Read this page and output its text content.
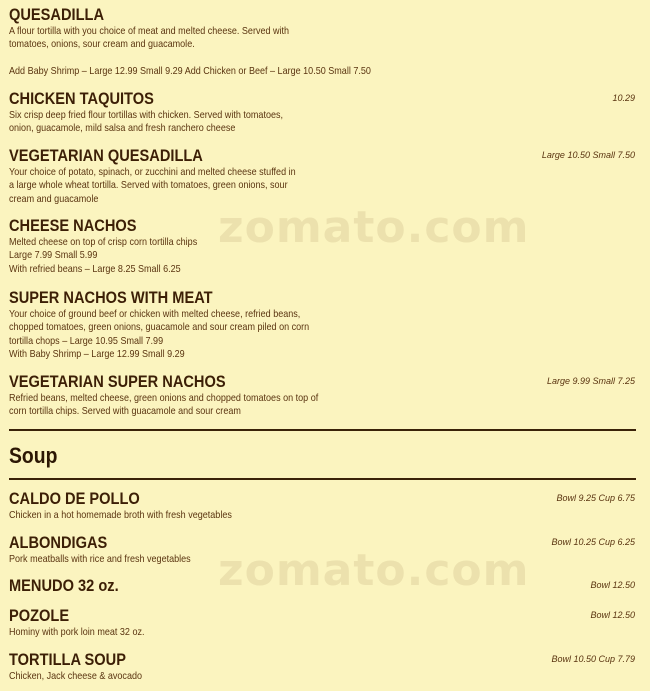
QUESADILLA
A flour tortilla with you choice of meat and melted cheese. Served with
tomatoes, onions, sour cream and guacamole.

Add Baby Shrimp – Large 12.99 Small 9.29 Add Chicken or Beef – Large 10.50 Small 7.50
CHICKEN TAQUITOS
Six crisp deep fried flour tortillas with chicken. Served with tomatoes,
onion, guacamole, mild salsa and fresh ranchero cheese
10.29
VEGETARIAN QUESADILLA
Your choice of potato, spinach, or zucchini and melted cheese stuffed in
a large whole wheat tortilla. Served with tomatoes, green onions, sour
cream and guacamole
Large 10.50 Small 7.50
CHEESE NACHOS
Melted cheese on top of crisp corn tortilla chips
Large 7.99 Small 5.99
With refried beans – Large 8.25 Small 6.25
SUPER NACHOS WITH MEAT
Your choice of ground beef or chicken with melted cheese, refried beans,
chopped tomatoes, green onions, guacamole and sour cream piled on corn
tortilla chops – Large 10.95 Small 7.99
With Baby Shrimp – Large 12.99 Small 9.29
VEGETARIAN SUPER NACHOS
Refried beans, melted cheese, green onions and chopped tomatoes on top of
corn tortilla chips. Served with guacamole and sour cream
Large 9.99 Small 7.25
Soup
CALDO DE POLLO
Chicken in a hot homemade broth with fresh vegetables
Bowl 9.25 Cup 6.75
ALBONDIGAS
Pork meatballs with rice and fresh vegetables
Bowl 10.25 Cup 6.25
MENUDO 32 oz.	Bowl 12.50
POZOLE
Hominy with pork loin meat 32 oz.
Bowl 12.50
TORTILLA SOUP
Chicken, Jack cheese & avocado
Bowl 10.50 Cup 7.79
zomato.com
zomato.com
